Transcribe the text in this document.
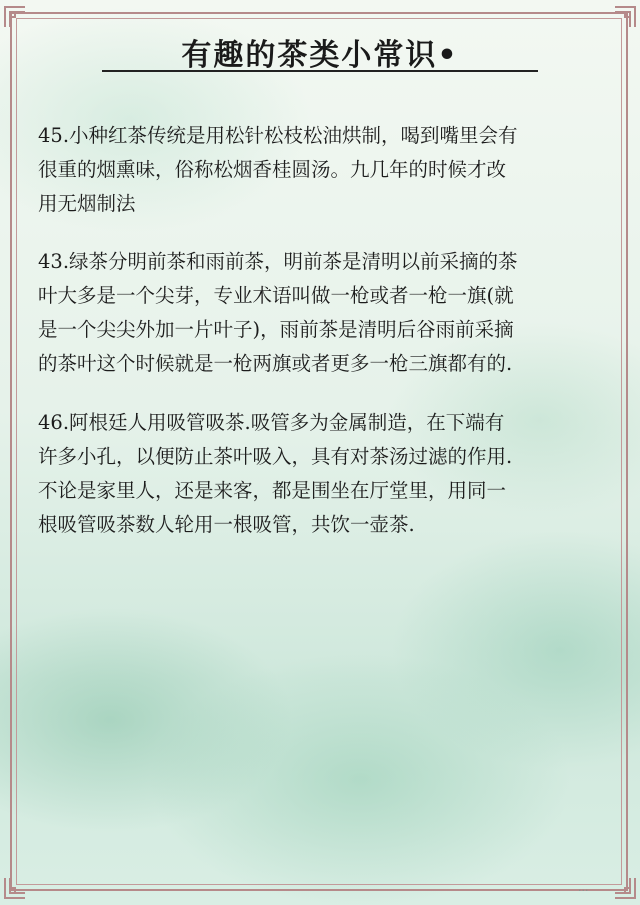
有趣的茶类小常识•

45.小种红茶传统是用松针松枝松油烘制，喝到嘴里会有
很重的烟熏味，俗称松烟香桂圆汤。九几年的时候才改
用无烟制法

43.绿茶分明前茶和雨前茶，明前茶是清明以前采摘的茶
叶大多是一个尖芽，专业术语叫做一枪或者一枪一旗(就
是一个尖尖外加一片叶子)，雨前茶是清明后谷雨前采摘
的茶叶这个时候就是一枪两旗或者更多一枪三旗都有的.

46.阿根廷人用吸管吸茶.吸管多为金属制造，在下端有
许多小孔，以便防止茶叶吸入，具有对茶汤过滤的作用.
不论是家里人，还是来客，都是围坐在厅堂里，用同一
根吸管吸茶数人轮用一根吸管，共饮一壶茶.

···
